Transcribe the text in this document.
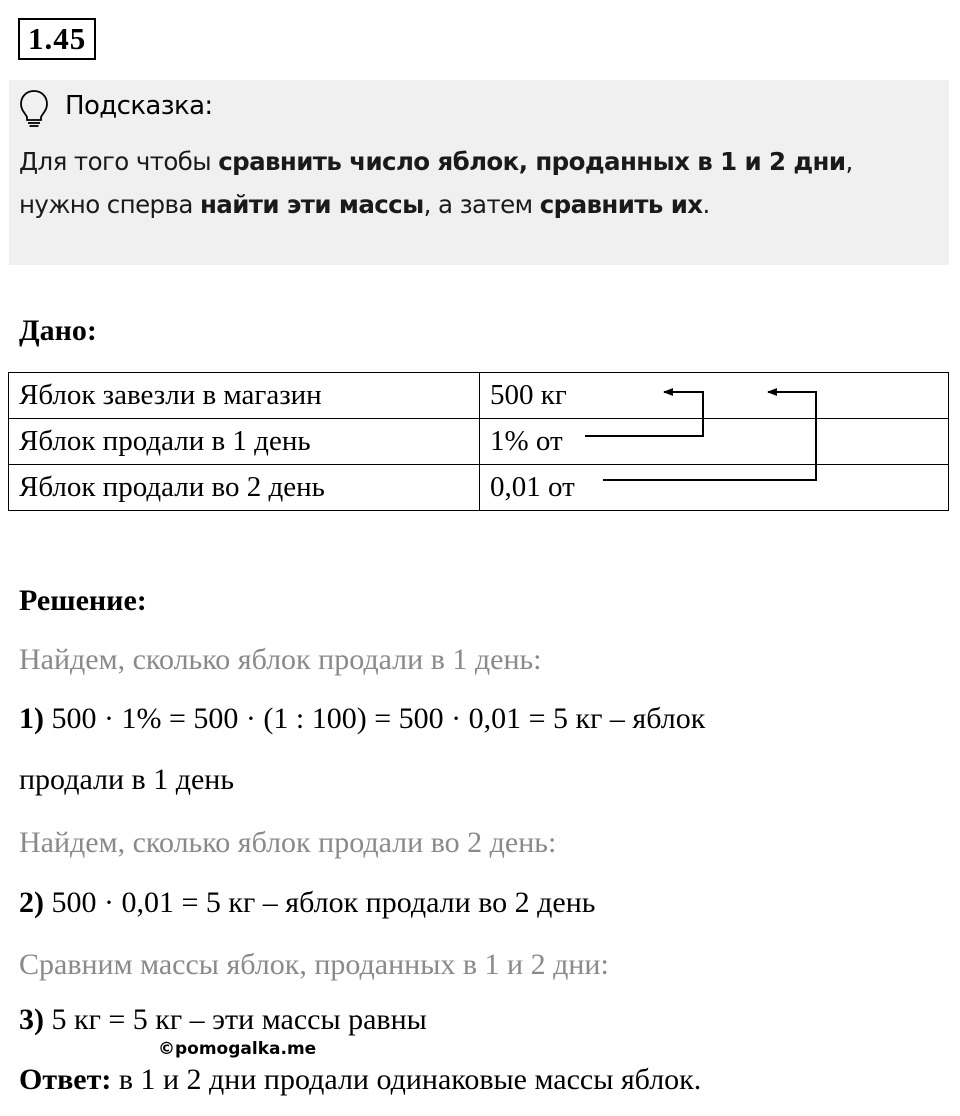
1.45
Подсказка:
Для того чтобы сравнить число яблок, проданных в 1 и 2 дни,
нужно сперва найти эти массы, а затем сравнить их.
Дано:
Яблок завезли в магазин	500 кг
Яблок продали в 1 день	1% от
Яблок продали во 2 день	0,01 от
Решение:
Найдем, сколько яблок продали в 1 день:
1) 500 · 1% = 500 · (1 : 100) = 500 · 0,01 = 5 кг – яблок
продали в 1 день
Найдем, сколько яблок продали во 2 день:
2) 500 · 0,01 = 5 кг – яблок продали во 2 день
Сравним массы яблок, проданных в 1 и 2 дни:
3) 5 кг = 5 кг – эти массы равны
©pomogalka.me
Ответ: в 1 и 2 дни продали одинаковые массы яблок.
